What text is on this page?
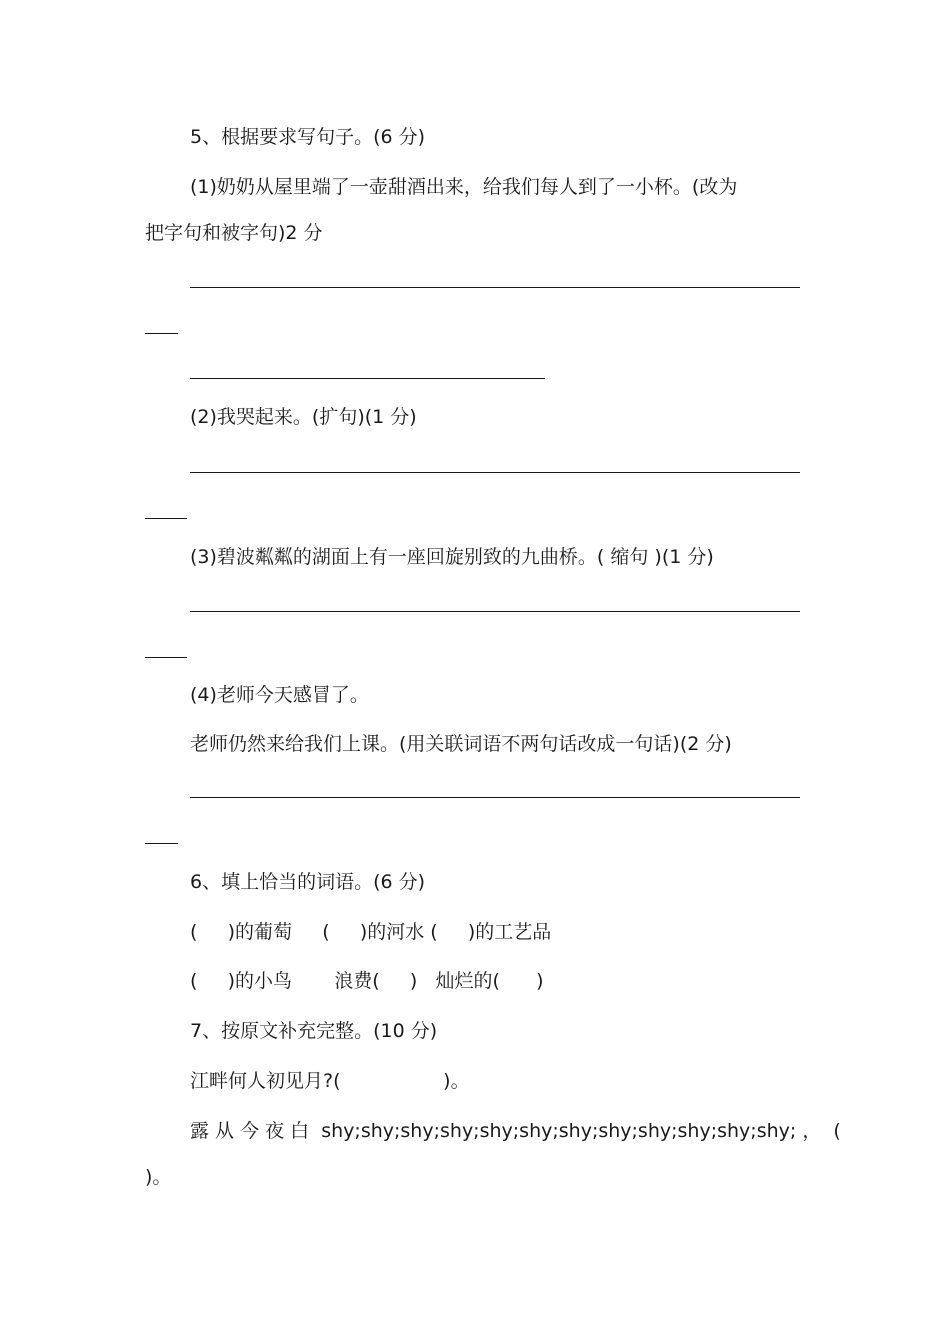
5、根据要求写句子。(6 分)
(1)奶奶从屋里端了一壶甜酒出来，给我们每人到了一小杯。(改为
把字句和被字句)2 分
(2)我哭起来。(扩句)(1 分)
(3)碧波粼粼的湖面上有一座回旋别致的九曲桥。( 缩句 )(1 分)
(4)老师今天感冒了。
老师仍然来给我们上课。(用关联词语不两句话改成一句话)(2 分)
6、填上恰当的词语。(6 分)
(     )的葡萄     (     )的河水 (     )的工艺品
(     )的小鸟       浪费(     )   灿烂的(      )
7、按原文补充完整。(10 分)
江畔何人初见月?(                 )。
露 从 今 夜 白  shy;shy;shy;shy;shy;shy;shy;shy;shy;shy;shy;shy; ，  (
)。
